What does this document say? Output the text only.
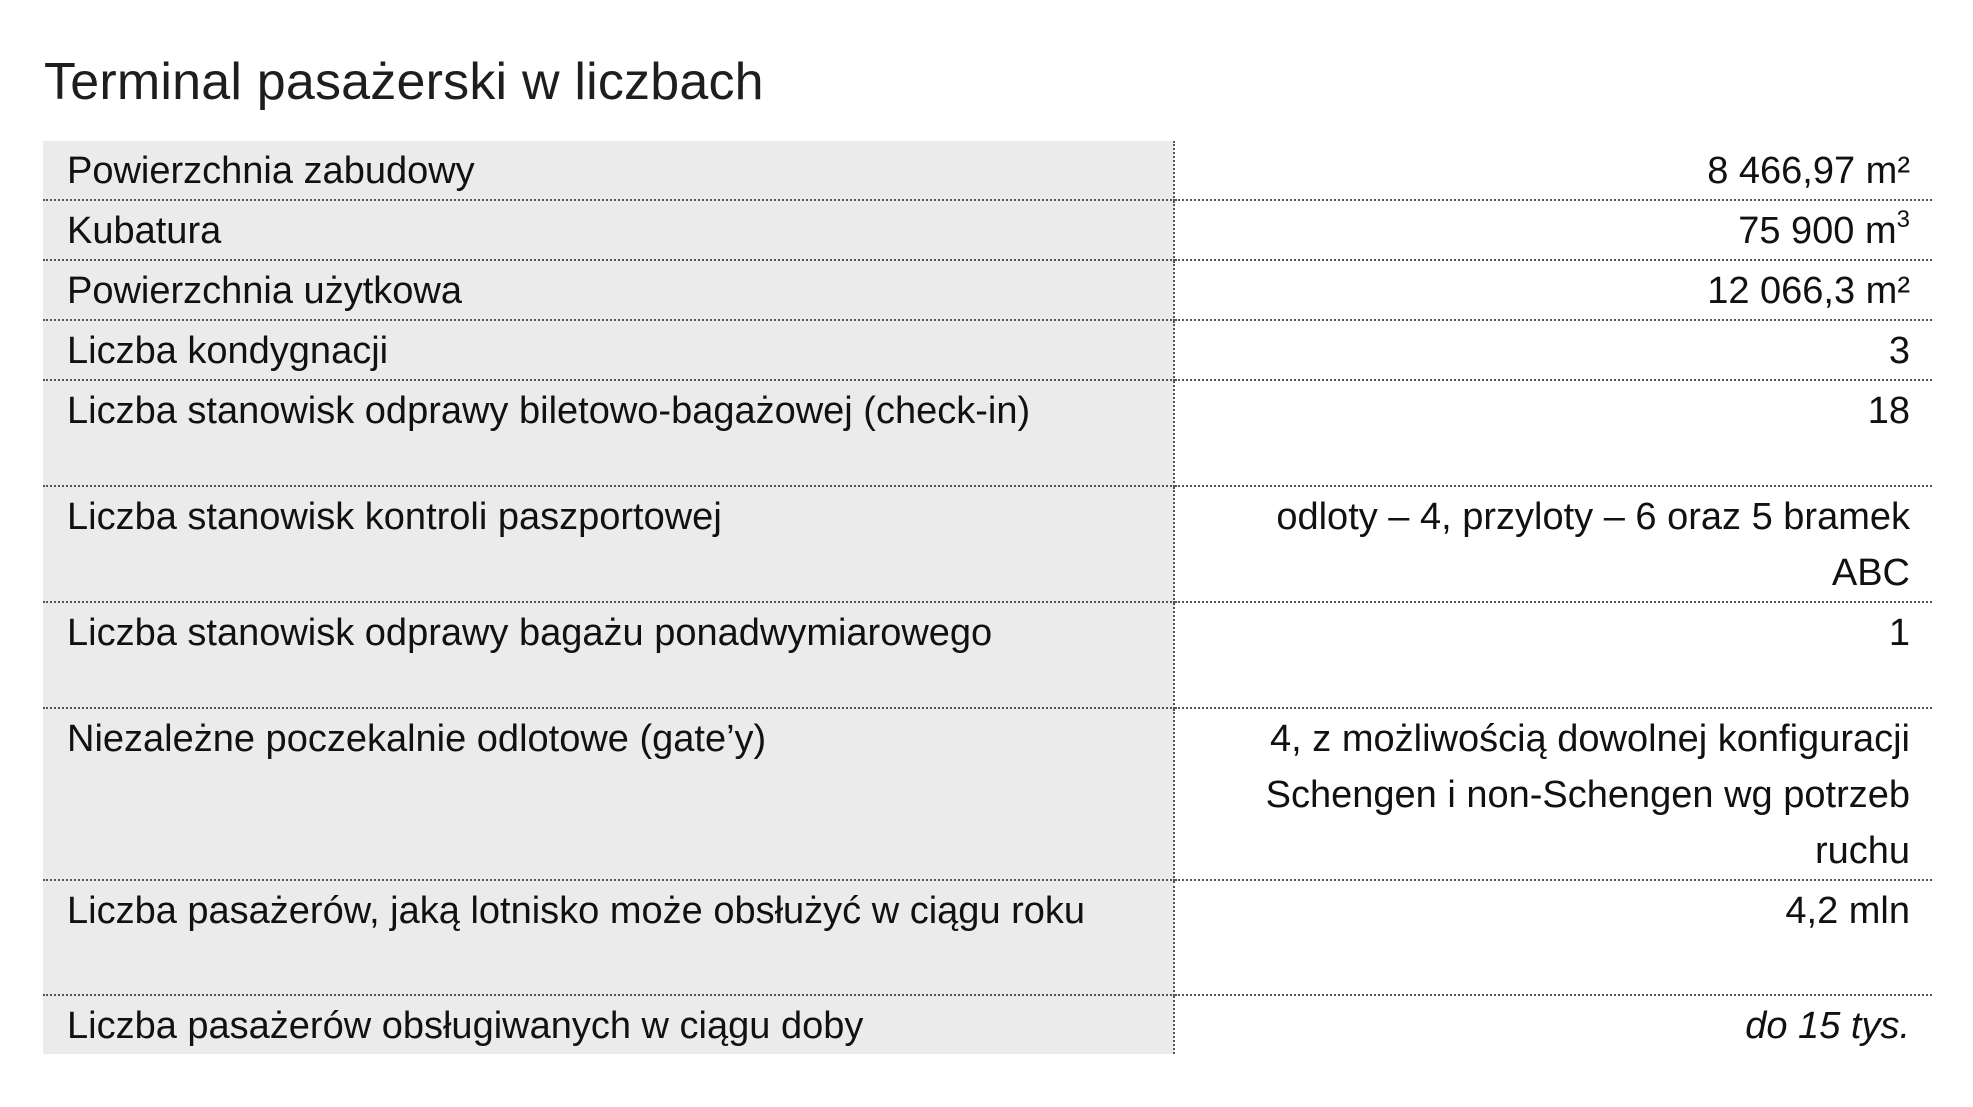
Terminal pasażerski w liczbach
Powierzchnia zabudowy	8 466,97 m²
Kubatura	75 900 $m^3$
Powierzchnia użytkowa	12 066,3 m²
Liczba kondygnacji	3
Liczba stanowisk odprawy biletowo-bagażowej (check-in)	18
Liczba stanowisk kontroli paszportowej	odloty – 4, przyloty – 6 oraz 5 bramek ABC
Liczba stanowisk odprawy bagażu ponadwymiarowego	1
Niezależne poczekalnie odlotowe (gate’y)	4, z możliwością dowolnej konfiguracji Schengen i non-Schengen wg potrzeb ruchu
Liczba pasażerów, jaką lotnisko może obsłużyć w ciągu roku	4,2 mln
Liczba pasażerów obsługiwanych w ciągu doby	do 15 tys.
